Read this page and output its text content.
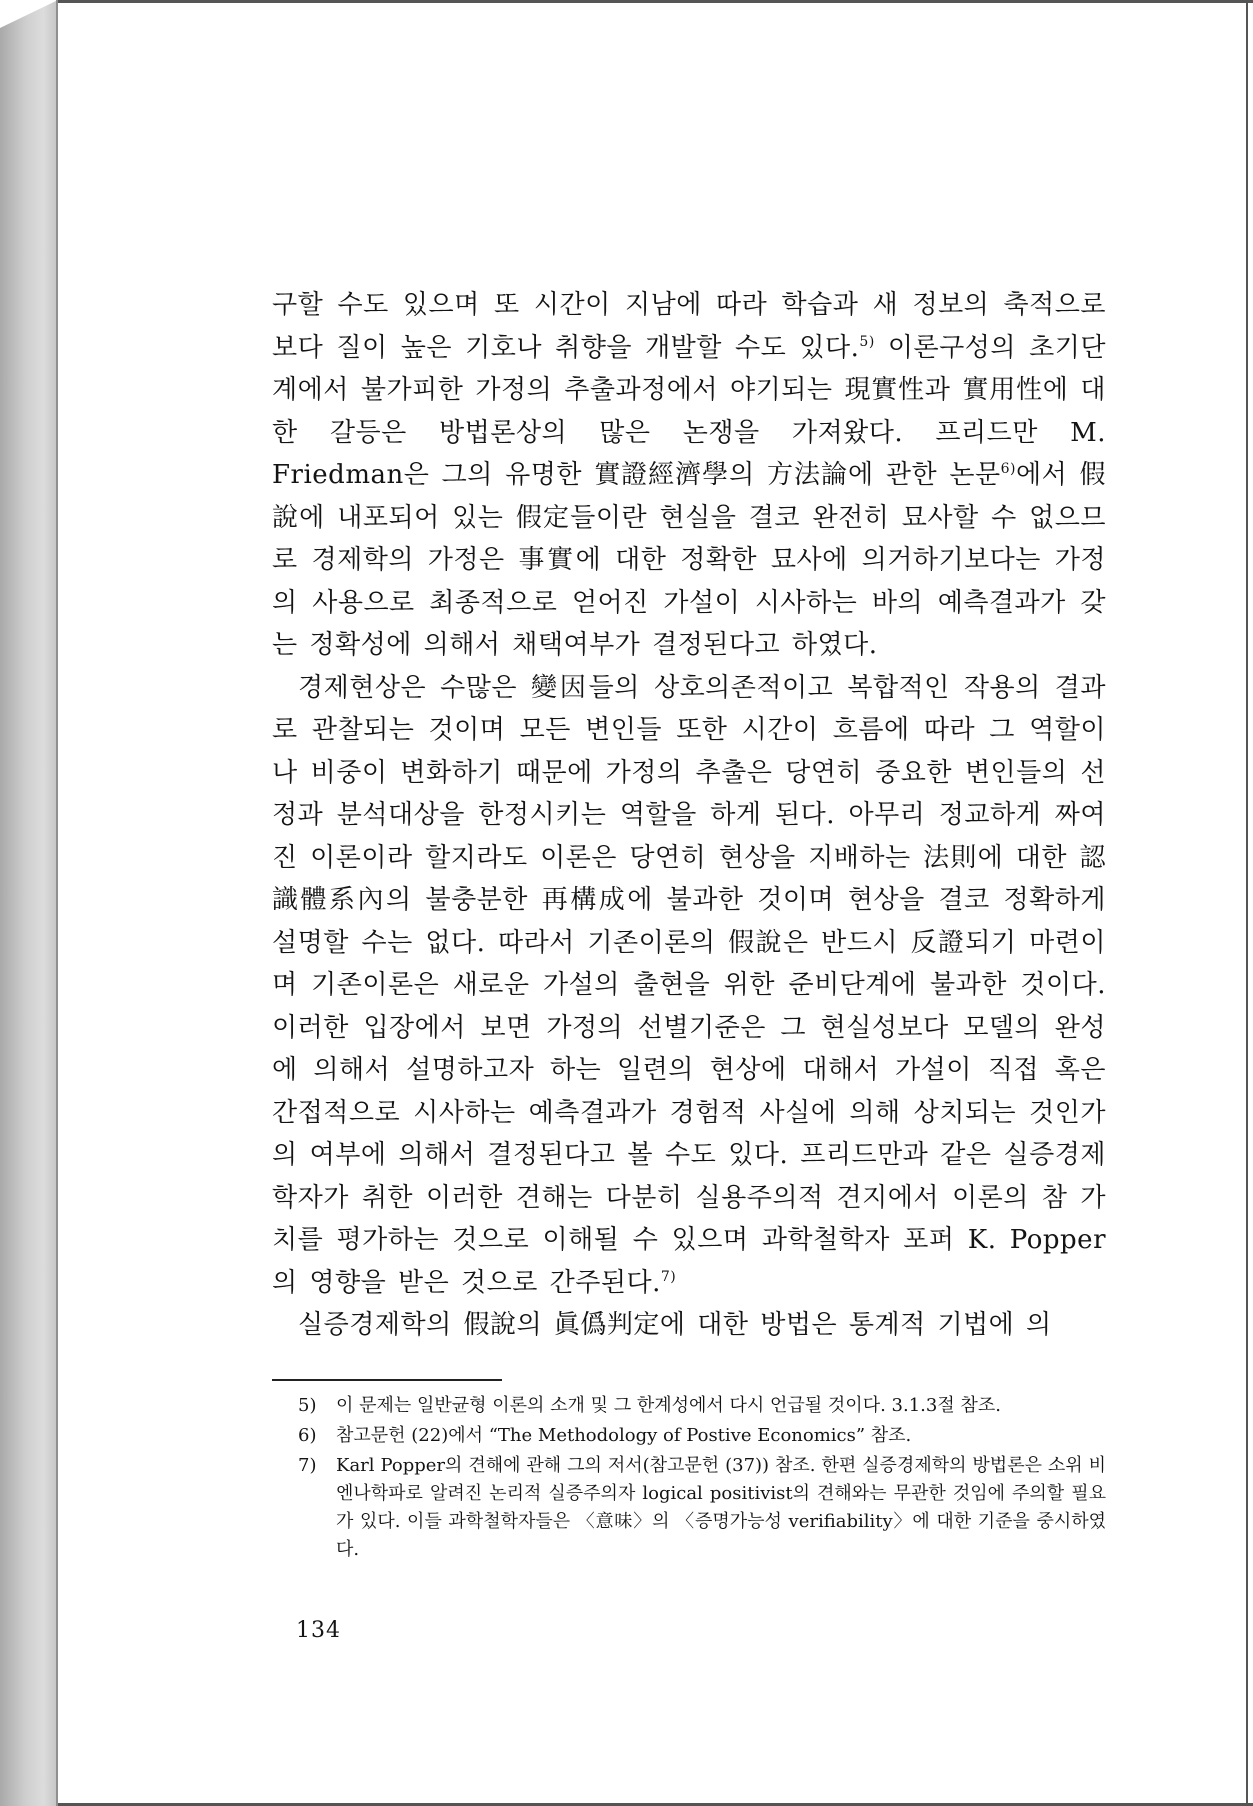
구할 수도 있으며 또 시간이 지남에 따라 학습과 새 정보의 축적으로 보다 질이 높은 기호나 취향을 개발할 수도 있다.$^{5)}$ 이론구성의 초기단계에서 불가피한 가정의 추출과정에서 야기되는 現實性과 實用性에 대한 갈등은 방법론상의 많은 논쟁을 가져왔다. 프리드만 M. Friedman은 그의 유명한 實證經濟學의 方法論에 관한 논문$^{6)}$에서 假說에 내포되어 있는 假定들이란 현실을 결코 완전히 묘사할 수 없으므로 경제학의 가정은 事實에 대한 정확한 묘사에 의거하기보다는 가정의 사용으로 최종적으로 얻어진 가설이 시사하는 바의 예측결과가 갖는 정확성에 의해서 채택여부가 결정된다고 하였다.

경제현상은 수많은 變因들의 상호의존적이고 복합적인 작용의 결과로 관찰되는 것이며 모든 변인들 또한 시간이 흐름에 따라 그 역할이나 비중이 변화하기 때문에 가정의 추출은 당연히 중요한 변인들의 선정과 분석대상을 한정시키는 역할을 하게 된다. 아무리 정교하게 짜여진 이론이라 할지라도 이론은 당연히 현상을 지배하는 法則에 대한 認識體系內의 불충분한 再構成에 불과한 것이며 현상을 결코 정확하게 설명할 수는 없다. 따라서 기존이론의 假說은 반드시 反證되기 마련이며 기존이론은 새로운 가설의 출현을 위한 준비단계에 불과한 것이다. 이러한 입장에서 보면 가정의 선별기준은 그 현실성보다 모델의 완성에 의해서 설명하고자 하는 일련의 현상에 대해서 가설이 직접 혹은 간접적으로 시사하는 예측결과가 경험적 사실에 의해 상치되는 것인가의 여부에 의해서 결정된다고 볼 수도 있다. 프리드만과 같은 실증경제학자가 취한 이러한 견해는 다분히 실용주의적 견지에서 이론의 참 가치를 평가하는 것으로 이해될 수 있으며 과학철학자 포퍼 K. Popper의 영향을 받은 것으로 간주된다.$^{7)}$

실증경제학의 假說의 眞僞判定에 대한 방법은 통계적 기법에 의

5) 이 문제는 일반균형 이론의 소개 및 그 한계성에서 다시 언급될 것이다. 3.1.3절 참조.
6) 참고문헌 (22)에서 “The Methodology of Postive Economics” 참조.
7) Karl Popper의 견해에 관해 그의 저서(참고문헌 (37)) 참조. 한편 실증경제학의 방법론은 소위 비엔나학파로 알려진 논리적 실증주의자 logical positivist의 견해와는 무관한 것임에 주의할 필요가 있다. 이들 과학철학자들은 〈意味〉의 〈증명가능성 verifiability〉에 대한 기준을 중시하였다.
134
